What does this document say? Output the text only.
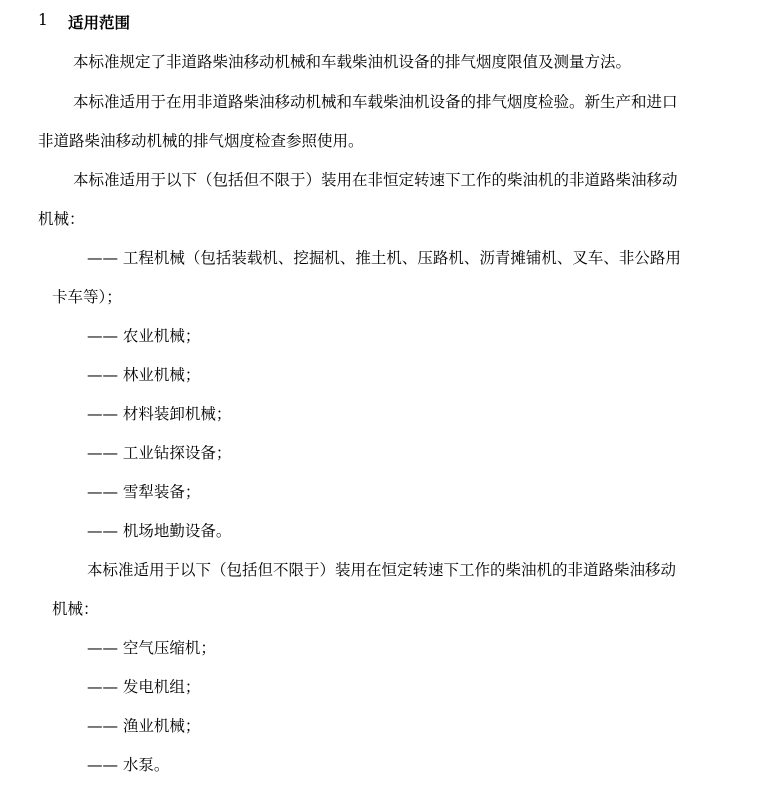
1 适用范围
本标准规定了非道路柴油移动机械和车载柴油机设备的排气烟度限值及测量方法。
本标准适用于在用非道路柴油移动机械和车载柴油机设备的排气烟度检验。新生产和进口
非道路柴油移动机械的排气烟度检查参照使用。
本标准适用于以下（包括但不限于）装用在非恒定转速下工作的柴油机的非道路柴油移动
机械：
—— 工程机械（包括装载机、挖掘机、推土机、压路机、沥青摊铺机、叉车、非公路用
卡车等）；
—— 农业机械；
—— 林业机械；
—— 材料装卸机械；
—— 工业钻探设备；
—— 雪犁装备；
—— 机场地勤设备。
本标准适用于以下（包括但不限于）装用在恒定转速下工作的柴油机的非道路柴油移动
机械：
—— 空气压缩机；
—— 发电机组；
—— 渔业机械；
—— 水泵。
